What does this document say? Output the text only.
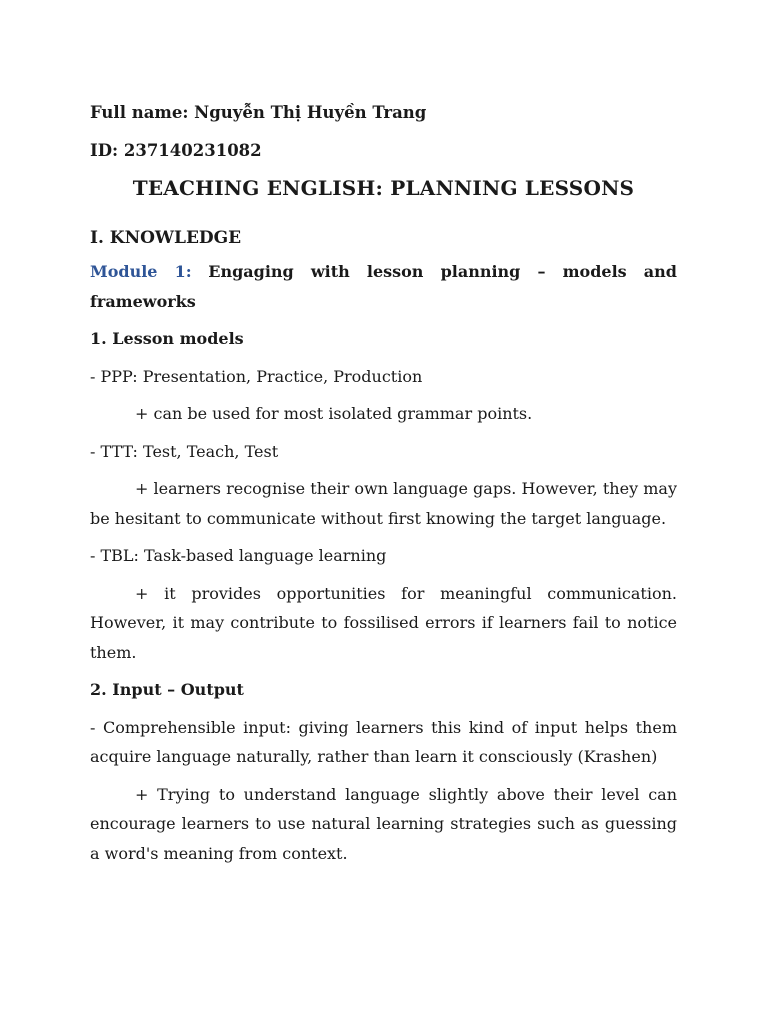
Full name: Nguyễn Thị Huyền Trang

ID: 237140231082

TEACHING ENGLISH: PLANNING LESSONS

I. KNOWLEDGE

Module 1: Engaging with lesson planning – models and frameworks

1. Lesson models

- PPP: Presentation, Practice, Production

+ can be used for most isolated grammar points.

- TTT: Test, Teach, Test

+ learners recognise their own language gaps. However, they may be hesitant to communicate without first knowing the target language.

- TBL: Task-based language learning

+ it provides opportunities for meaningful communication. However, it may contribute to fossilised errors if learners fail to notice them.

2. Input – Output

- Comprehensible input: giving learners this kind of input helps them acquire language naturally, rather than learn it consciously (Krashen)

+ Trying to understand language slightly above their level can encourage learners to use natural learning strategies such as guessing a word's meaning from context.
